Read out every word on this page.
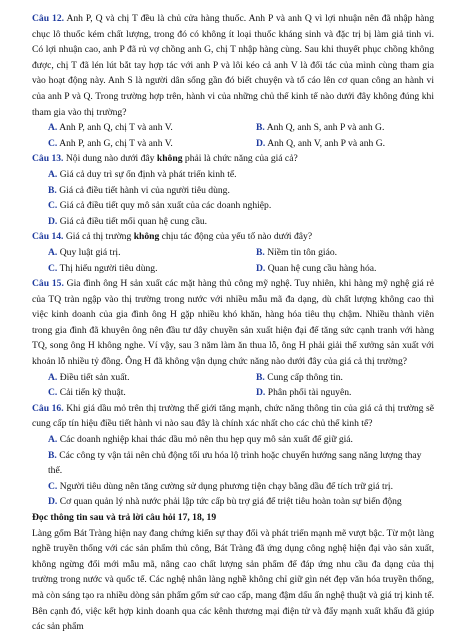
Câu 12. Anh P, Q và chị T đều là chủ cửa hàng thuốc. Anh P và anh Q vì lợi nhuận nên đã nhập hàng chục lô thuốc kém chất lượng, trong đó có không ít loại thuốc kháng sinh và đặc trị bị làm giả tinh vi. Có lợi nhuận cao, anh P đã rủ vợ chồng anh G, chị T nhập hàng cùng. Sau khi thuyết phục chồng không được, chị T đã lén lút bắt tay hợp tác với anh P và lôi kéo cả anh V là đối tác của mình cùng tham gia vào hoạt động này. Anh S là người dân sống gần đó biết chuyện và tố cáo lên cơ quan công an hành vi của anh P và Q. Trong trường hợp trên, hành vi của những chủ thể kinh tế nào dưới đây không đúng khi tham gia vào thị trường?

A. Anh P, anh Q, chị T và anh V.	B. Anh Q, anh S, anh P và anh G.
C. Anh P, anh G, chị T và anh V.	D. Anh Q, anh V, anh P và anh G.

Câu 13. Nội dung nào dưới đây không phải là chức năng của giá cả?

A. Giá cả duy trì sự ổn định và phát triển kinh tế.
B. Giá cả điều tiết hành vi của người tiêu dùng.
C. Giá cả điều tiết quy mô sản xuất của các doanh nghiệp.
D. Giá cả điều tiết mối quan hệ cung cầu.

Câu 14. Giá cả thị trường không chịu tác động của yếu tố nào dưới đây?

A. Quy luật giá trị.	B. Niềm tin tôn giáo.
C. Thị hiếu người tiêu dùng.	D. Quan hệ cung cầu hàng hóa.

Câu 15. Gia đình ông H sản xuất các mặt hàng thủ công mỹ nghệ. Tuy nhiên, khi hàng mỹ nghệ giá rẻ của TQ tràn ngập vào thị trường trong nước với nhiều mẫu mã đa dạng, dù chất lượng không cao thì việc kinh doanh của gia đình ông H gặp nhiều khó khăn, hàng hóa tiêu thụ chậm. Nhiều thành viên trong gia đình đã khuyên ông nên đầu tư dây chuyền sản xuất hiện đại để tăng sức cạnh tranh với hàng TQ, song ông H không nghe. Ví vậy, sau 3 năm làm ăn thua lỗ, ông H phải giải thể xưởng sản xuất với khoản lỗ nhiều tỷ đồng. Ông H đã không vận dụng chức năng nào dưới đây của giá cả thị trường?

A. Điều tiết sản xuất.	B. Cung cấp thông tin.
C. Cải tiến kỹ thuật.	D. Phân phối tài nguyên.

Câu 16. Khi giá dầu mỏ trên thị trường thế giới tăng mạnh, chức năng thông tin của giá cả thị trường sẽ cung cấp tín hiệu điều tiết hành vi nào sau đây là chính xác nhất cho các chủ thể kinh tế?

A. Các doanh nghiệp khai thác dầu mỏ nên thu hẹp quy mô sản xuất để giữ giá.
B. Các công ty vận tải nên chủ động tối ưu hóa lộ trình hoặc chuyển hướng sang năng lượng thay thế.
C. Người tiêu dùng nên tăng cường sử dụng phương tiện chạy bằng dầu để tích trữ giá trị.
D. Cơ quan quản lý nhà nước phải lập tức cấp bù trợ giá để triệt tiêu hoàn toàn sự biến động

Đọc thông tin sau và trả lời câu hỏi 17, 18, 19

Làng gốm Bát Tràng hiện nay đang chứng kiến sự thay đổi và phát triển mạnh mẽ vượt bậc. Từ một làng nghề truyền thống với các sản phẩm thủ công, Bát Tràng đã ứng dụng công nghệ hiện đại vào sản xuất, không ngừng đổi mới mẫu mã, nâng cao chất lượng sản phẩm để đáp ứng nhu cầu đa dạng của thị trường trong nước và quốc tế. Các nghệ nhân làng nghề không chỉ giữ gìn nét đẹp văn hóa truyền thống, mà còn sáng tạo ra nhiều dòng sản phẩm gốm sứ cao cấp, mang đậm dấu ấn nghệ thuật và giá trị kinh tế. Bên cạnh đó, việc kết hợp kinh doanh qua các kênh thương mại điện tử và đẩy mạnh xuất khẩu đã giúp các sản phẩm
